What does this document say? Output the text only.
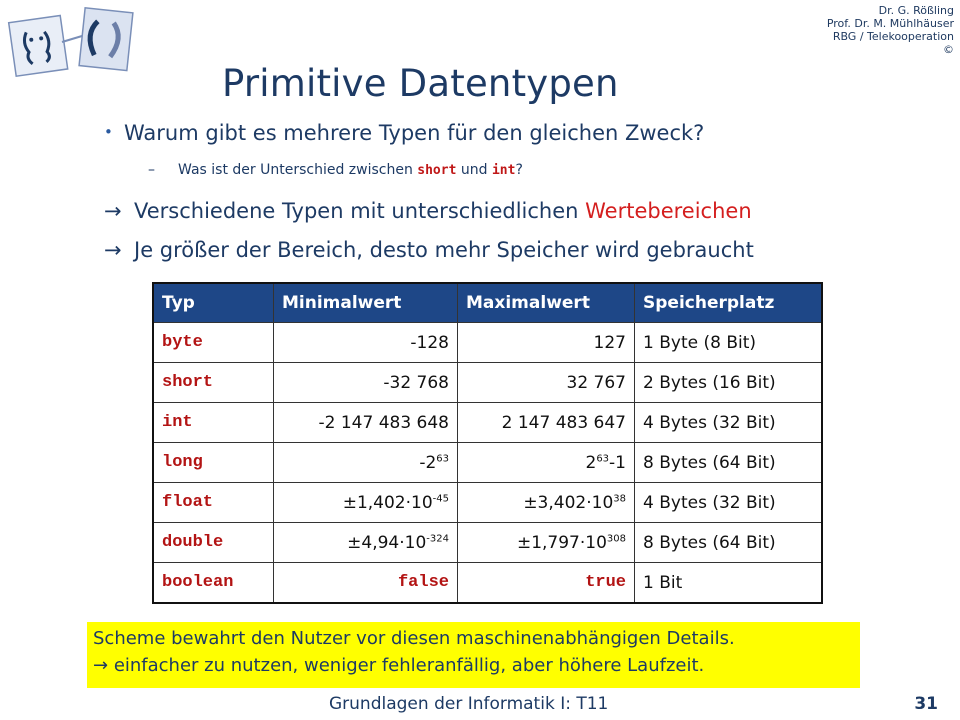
Dr. G. Rößling
Prof. Dr. M. Mühlhäuser
RBG / Telekooperation
©
Primitive Datentypen
• Warum gibt es mehrere Typen für den gleichen Zweck?
– Was ist der Unterschied zwischen short und int?
→ Verschiedene Typen mit unterschiedlichen Wertebereichen
→ Je größer der Bereich, desto mehr Speicher wird gebraucht
Typ	Minimalwert	Maximalwert	Speicherplatz
byte	-128	127	1 Byte (8 Bit)
short	-32 768	32 767	2 Bytes (16 Bit)
int	-2 147 483 648	2 147 483 647	4 Bytes (32 Bit)
long	$-2^{63}$	$2^{63}-1$	8 Bytes (64 Bit)
float	$\pm 1,402\cdot 10^{-45}$	$\pm 3,402\cdot 10^{38}$	4 Bytes (32 Bit)
double	$\pm 4,94\cdot 10^{-324}$	$\pm 1,797\cdot 10^{308}$	8 Bytes (64 Bit)
boolean	false	true	1 Bit
Scheme bewahrt den Nutzer vor diesen maschinenabhängigen Details.
→ einfacher zu nutzen, weniger fehleranfällig, aber höhere Laufzeit.
Grundlagen der Informatik I: T11	31
